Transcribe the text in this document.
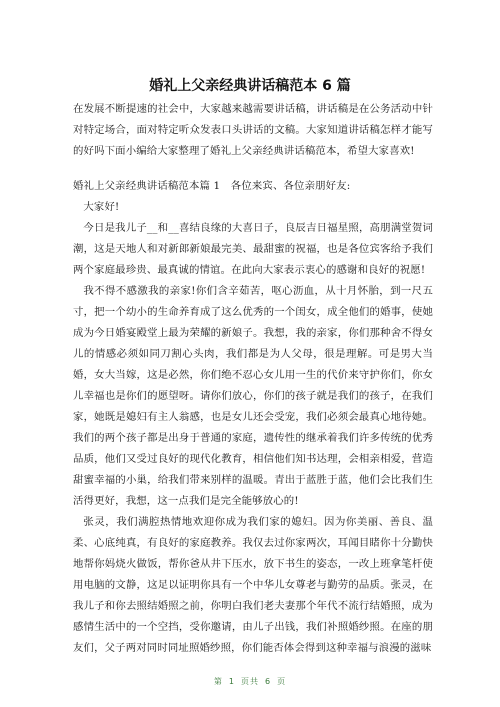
婚礼上父亲经典讲话稿范本 6 篇

在发展不断提速的社会中，大家越来越需要讲话稿，讲话稿是在公务活动中针对特定场合，面对特定听众发表口头讲话的文稿。大家知道讲话稿怎样才能写的好吗下面小编给大家整理了婚礼上父亲经典讲话稿范本，希望大家喜欢!

婚礼上父亲经典讲话稿范本篇 1　各位来宾、各位亲朋好友:

大家好!

今日是我儿子__和__喜结良缘的大喜日子，良辰吉日福星照，高朋满堂贺词潮，这是天地人和对新郎新娘最完美、最甜蜜的祝福，也是各位宾客给予我们两个家庭最珍贵、最真诚的情谊。在此向大家表示衷心的感谢和良好的祝愿!

我不得不感激我的亲家!你们含辛茹苦，呕心沥血，从十月怀胎，到一尺五寸，把一个幼小的生命养育成了这么优秀的一个闺女，成全他们的婚事，使她成为今日婚宴殿堂上最为荣耀的新娘子。我想，我的亲家，你们那种舍不得女儿的情感必须如同刀割心头肉，我们都是为人父母，很是理解。可是男大当婚，女大当嫁，这是必然，你们绝不忍心女儿用一生的代价来守护你们，你女儿幸福也是你们的愿望呀。请你们放心，你们的孩子就是我们的孩子，在我们家，她既是媳妇有主人翁感，也是女儿还会受宠，我们必须会最真心地待她。我们的两个孩子都是出身于普通的家庭，遗传性的继承着我们许多传统的优秀品质，他们又受过良好的现代化教育，相信他们知书达理，会相亲相爱，营造甜蜜幸福的小巢，给我们带来别样的温暖。青出于蓝胜于蓝，他们会比我们生活得更好，我想，这一点我们是完全能够放心的!

张灵，我们满腔热情地欢迎你成为我们家的媳妇。因为你美丽、善良、温柔、心底纯真，有良好的家庭教养。我仅去过你家两次，耳闻目睹你十分勤快地帮你妈烧火做饭，帮你爸从井下压水，放下书生的姿态，一改上班拿笔杆使用电脑的文静，这足以证明你具有一个中华儿女尊老与勤劳的品质。张灵，在我儿子和你去照结婚照之前，你明白我们老夫妻那个年代不流行结婚照，成为感情生活中的一个空挡，受你邀请，由儿子出钱，我们补照婚纱照。在座的朋友们，父子两对同时同址照婚纱照，你们能否体会得到这种幸福与浪漫的滋味

第 1 页共 6 页
